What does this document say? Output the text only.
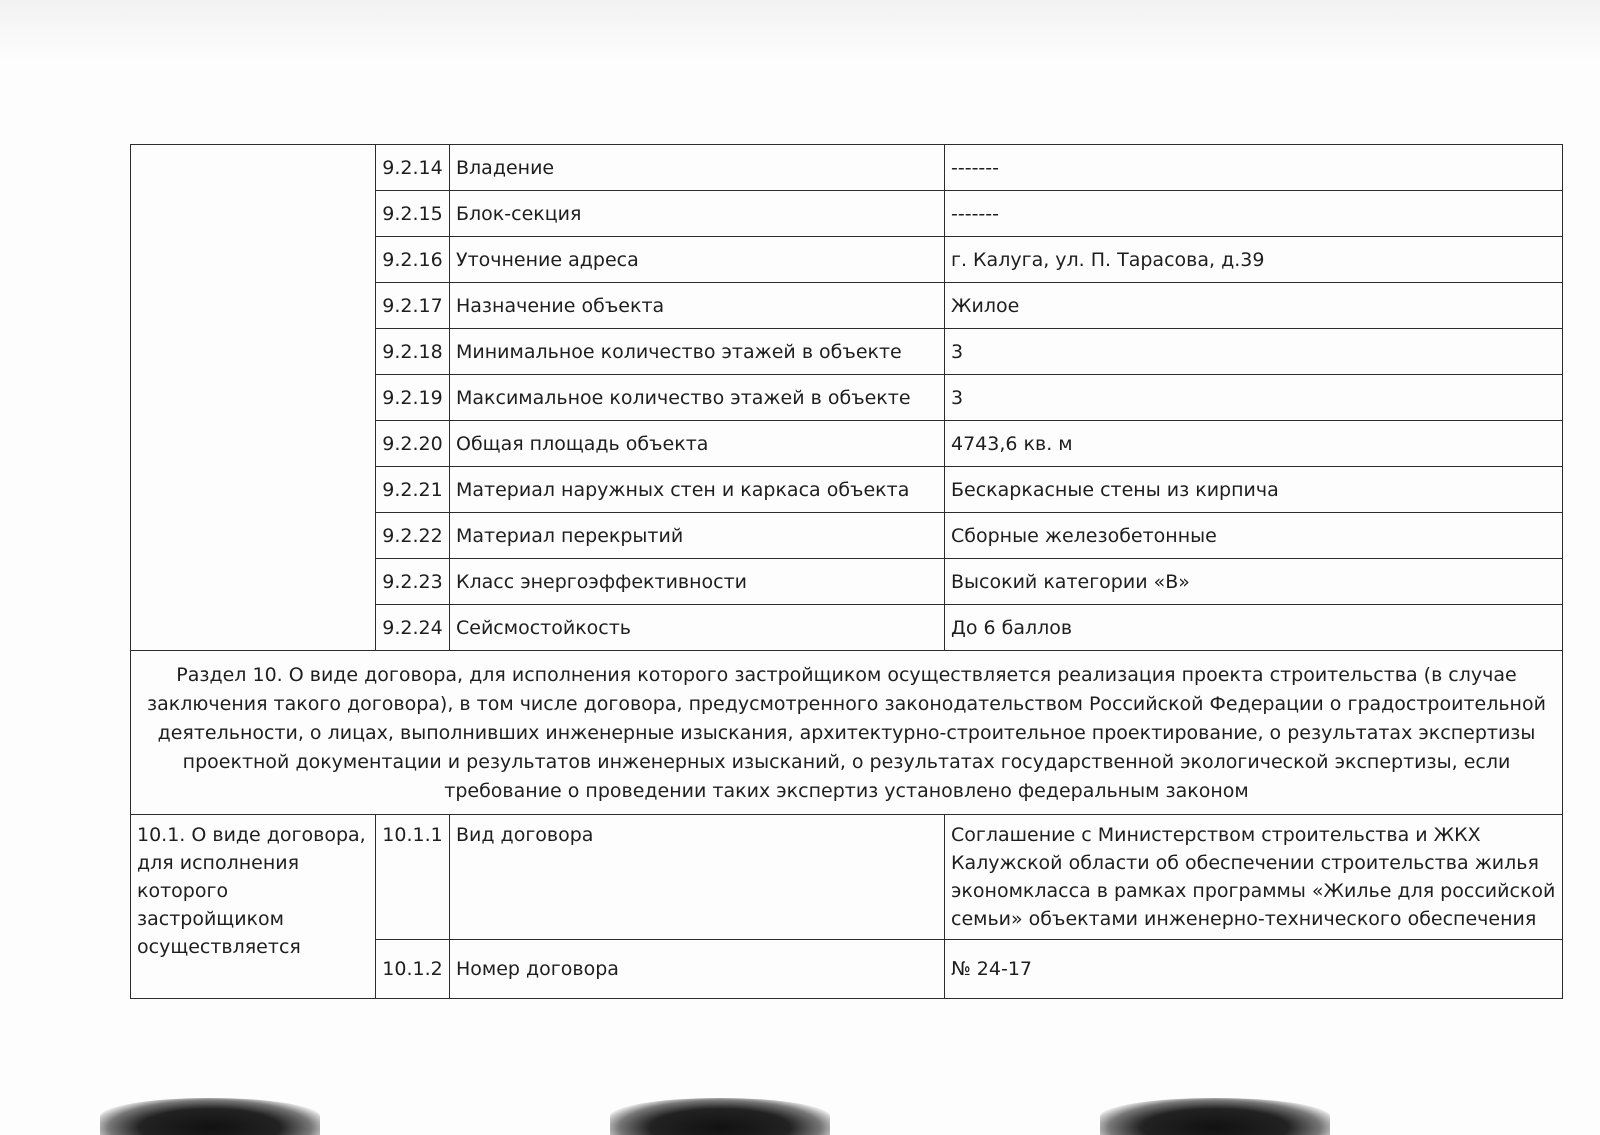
	9.2.14	Владение	-------
	9.2.15	Блок-секция	-------
	9.2.16	Уточнение адреса	г. Калуга, ул. П. Тарасова, д.39
	9.2.17	Назначение объекта	Жилое
	9.2.18	Минимальное количество этажей в объекте	3
	9.2.19	Максимальное количество этажей в объекте	3
	9.2.20	Общая площадь объекта	4743,6 кв. м
	9.2.21	Материал наружных стен и каркаса объекта	Бескаркасные стены из кирпича
	9.2.22	Материал перекрытий	Сборные железобетонные
	9.2.23	Класс энергоэффективности	Высокий категории «В»
	9.2.24	Сейсмостойкость	До 6 баллов
Раздел 10. О виде договора, для исполнения которого застройщиком осуществляется реализация проекта строительства (в случае заключения такого договора), в том числе договора, предусмотренного законодательством Российской Федерации о градостроительной деятельности, о лицах, выполнивших инженерные изыскания, архитектурно-строительное проектирование, о результатах экспертизы проектной документации и результатов инженерных изысканий, о результатах государственной экологической экспертизы, если требование о проведении таких экспертиз установлено федеральным законом			
10.1. О виде договора, для исполнения которого застройщиком осуществляется	10.1.1	Вид договора	Соглашение с Министерством строительства и ЖКХ Калужской области об обеспечении строительства жилья экономкласса в рамках программы «Жилье для российской семьи» объектами инженерно-технического обеспечения
	10.1.2	Номер договора	№ 24-17
